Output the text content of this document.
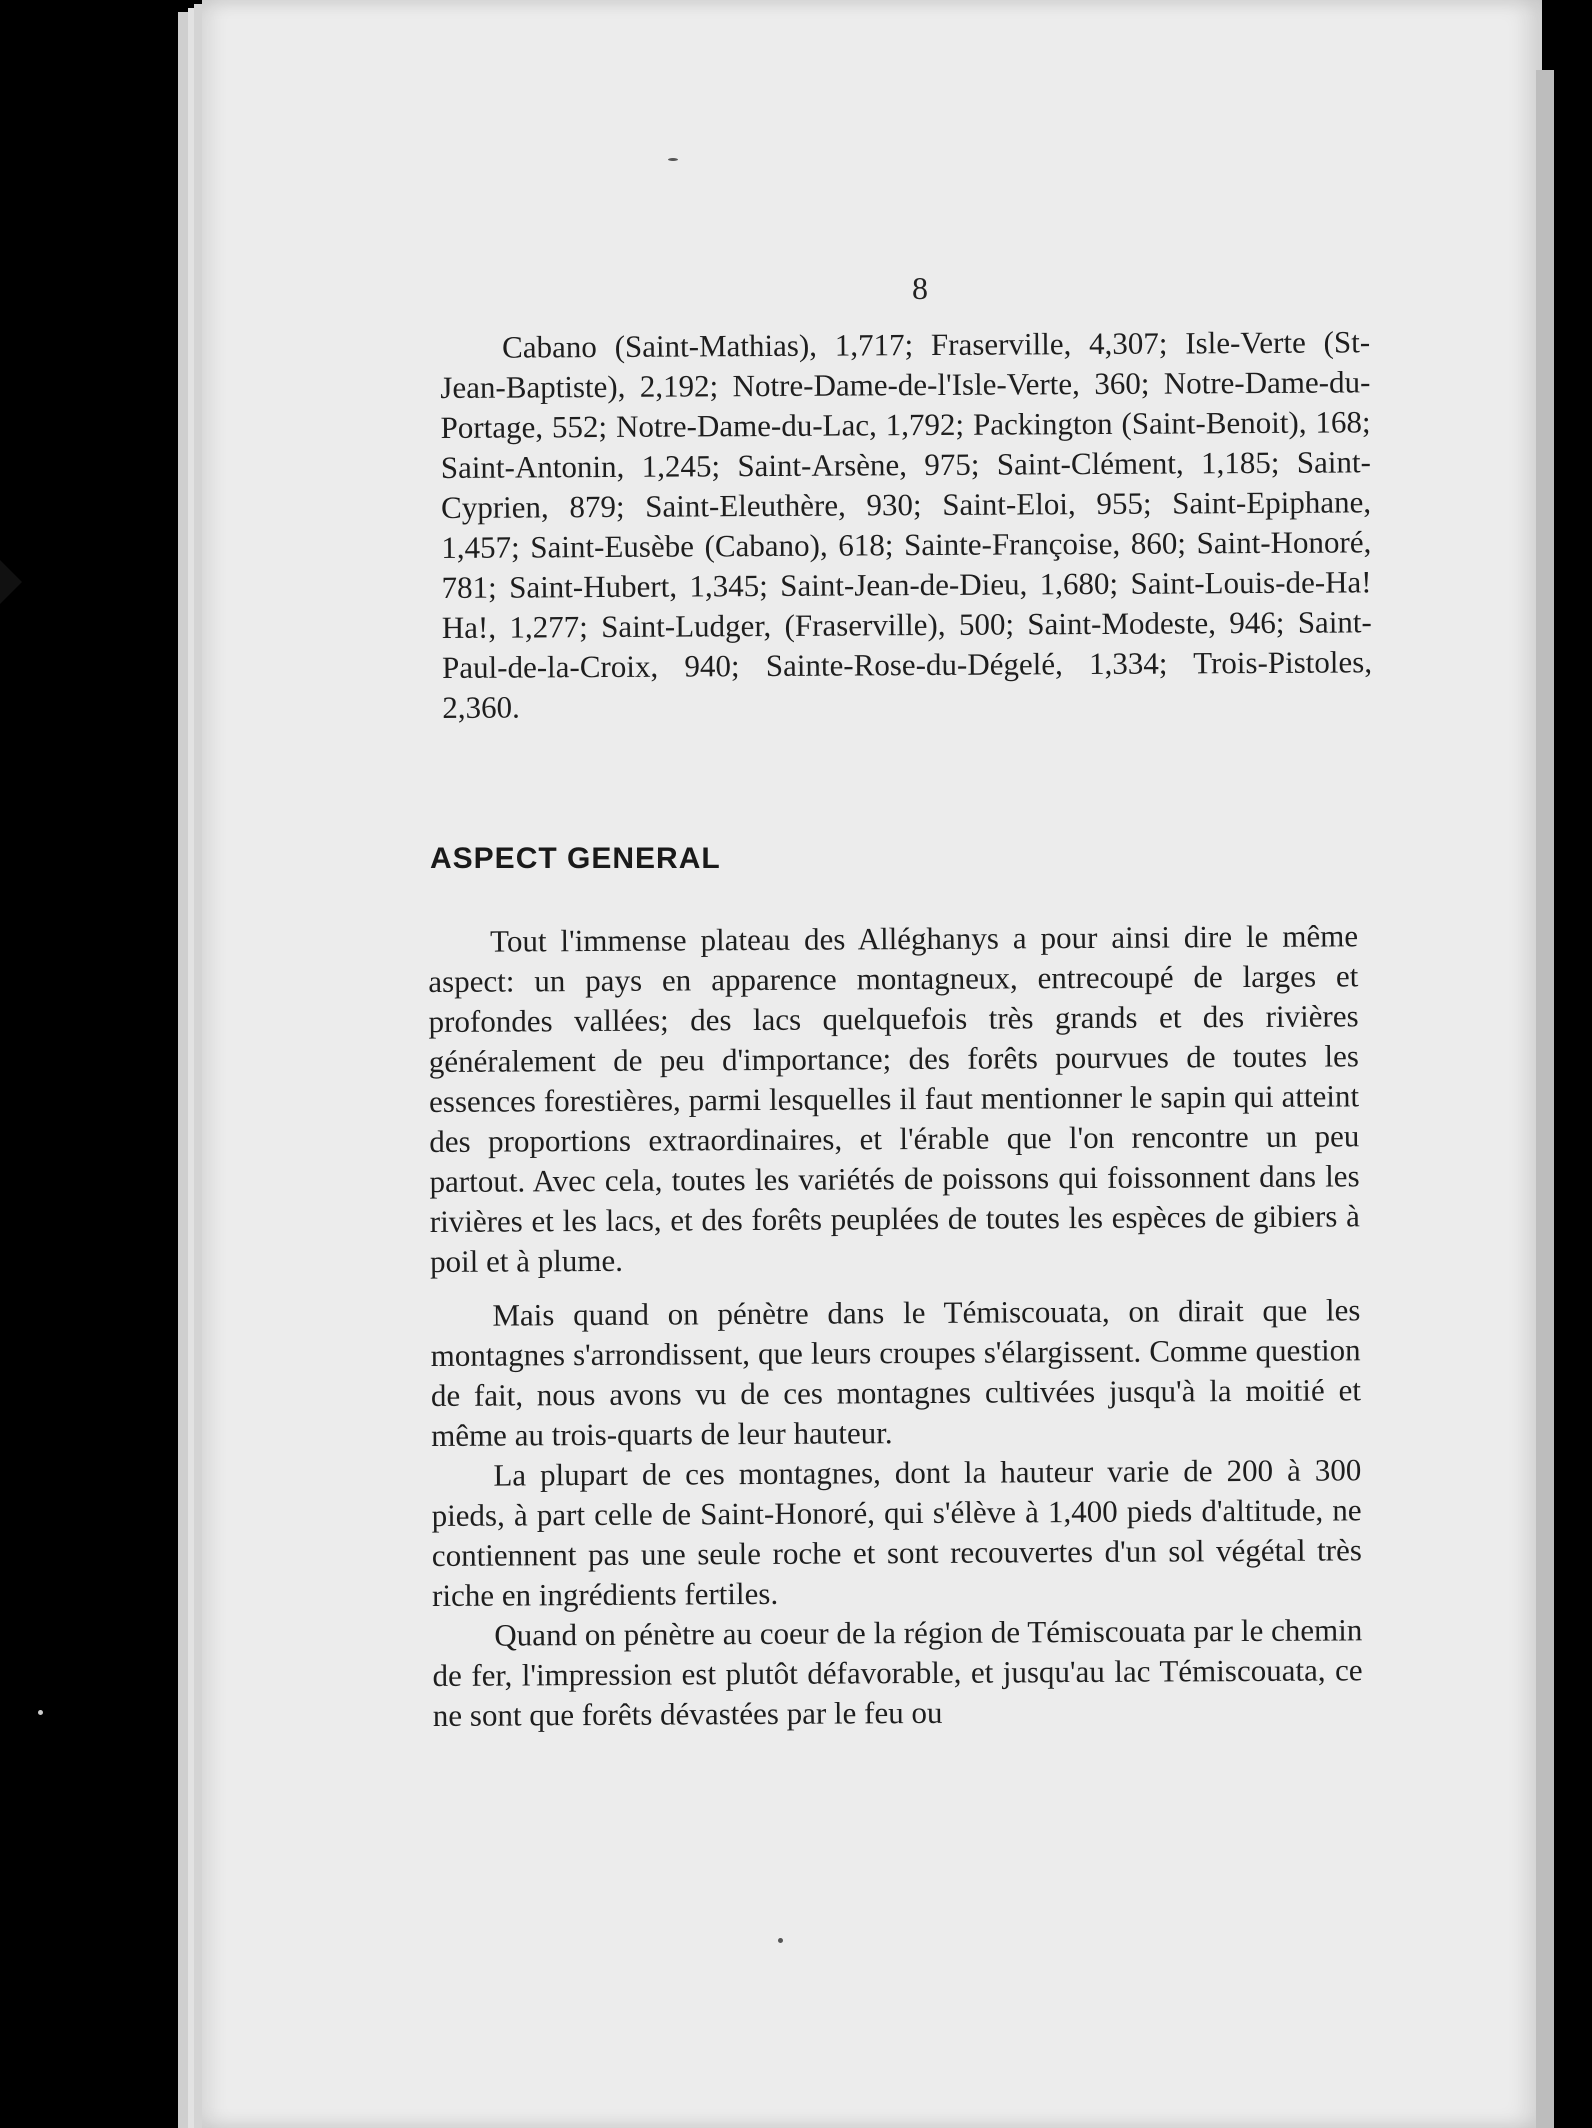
8

Cabano (Saint-Mathias), 1,717; Fraserville, 4,307; Isle-Verte (St-Jean-Baptiste), 2,192; Notre-Dame-de-l'Isle-Verte, 360; Notre-Dame-du-Portage, 552; Notre-Dame-du-Lac, 1,792; Packington (Saint-Benoit), 168; Saint-Antonin, 1,245; Saint-Arsène, 975; Saint-Clément, 1,185; Saint-Cyprien, 879; Saint-Eleuthère, 930; Saint-Eloi, 955; Saint-Epiphane, 1,457; Saint-Eusèbe (Cabano), 618; Sainte-Françoise, 860; Saint-Honoré, 781; Saint-Hubert, 1,345; Saint-Jean-de-Dieu, 1,680; Saint-Louis-de-Ha! Ha!, 1,277; Saint-Ludger, (Fraserville), 500; Saint-Modeste, 946; Saint-Paul-de-la-Croix, 940; Sainte-Rose-du-Dégelé, 1,334; Trois-Pistoles, 2,360.

ASPECT GENERAL

Tout l'immense plateau des Alléghanys a pour ainsi dire le même aspect: un pays en apparence montagneux, entrecoupé de larges et profondes vallées; des lacs quelquefois très grands et des rivières généralement de peu d'importance; des forêts pourvues de toutes les essences forestières, parmi lesquelles il faut mentionner le sapin qui atteint des proportions extraordinaires, et l'érable que l'on rencontre un peu partout. Avec cela, toutes les variétés de poissons qui foissonnent dans les rivières et les lacs, et des forêts peuplées de toutes les espèces de gibiers à poil et à plume.

Mais quand on pénètre dans le Témiscouata, on dirait que les montagnes s'arrondissent, que leurs croupes s'élargissent. Comme question de fait, nous avons vu de ces montagnes cultivées jusqu'à la moitié et même au trois-quarts de leur hauteur.

La plupart de ces montagnes, dont la hauteur varie de 200 à 300 pieds, à part celle de Saint-Honoré, qui s'élève à 1,400 pieds d'altitude, ne contiennent pas une seule roche et sont recouvertes d'un sol végétal très riche en ingrédients fertiles.

Quand on pénètre au coeur de la région de Témiscouata par le chemin de fer, l'impression est plutôt défavorable, et jusqu'au lac Témiscouata, ce ne sont que forêts dévastées par le feu ou
